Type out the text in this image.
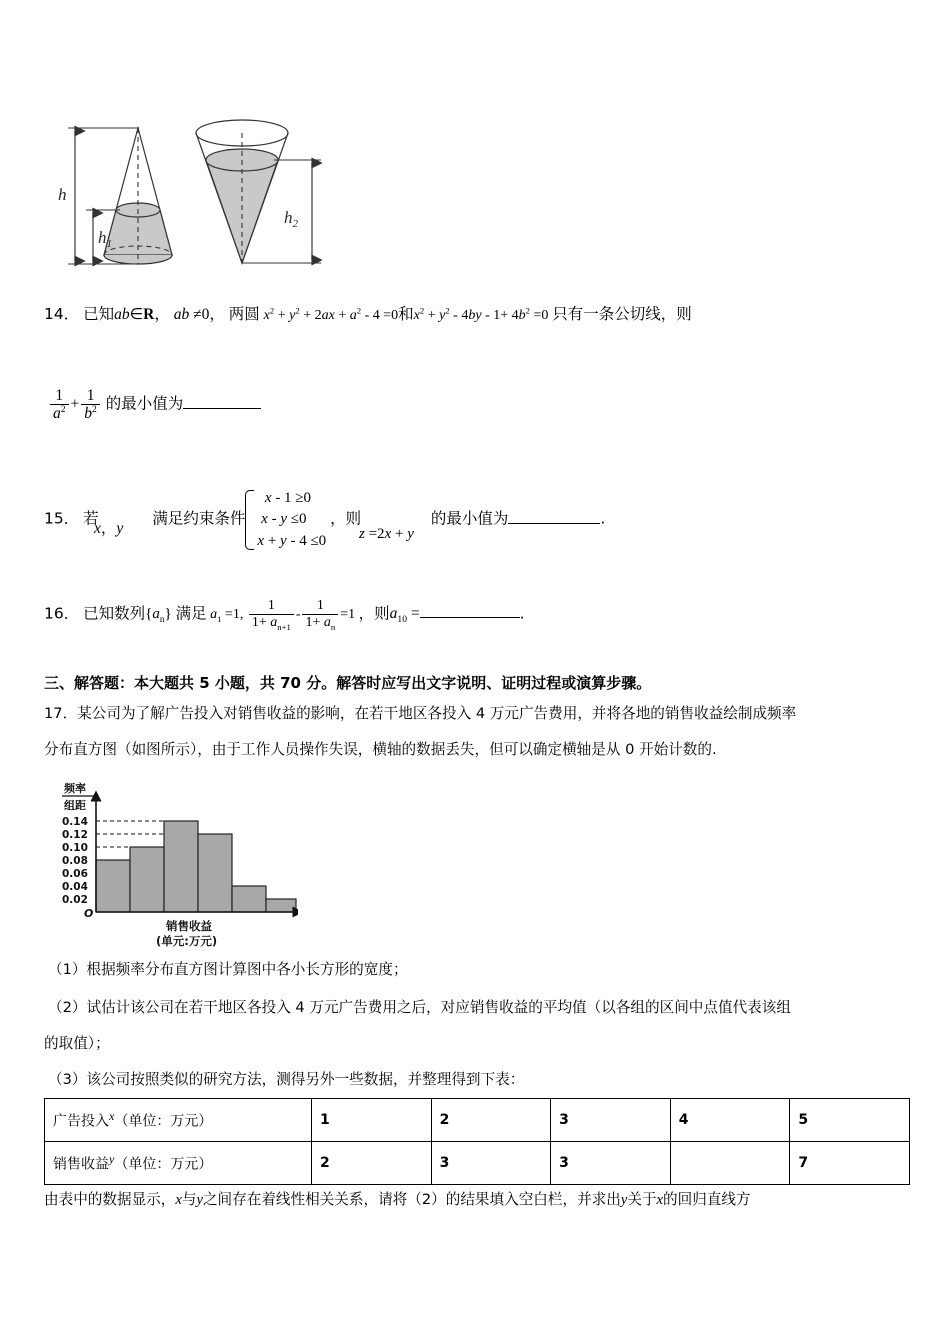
h
$h_1$
$h_2$
14． 已知ab∈R， ab ≠0， 两圆 $x^2 + y^2 + 2ax + a^2 - 4 =0$和$x^2 + y^2 - 4by - 1+ 4b^2 =0$ 只有一条公切线，则
$\frac{1}{a^2} + \frac{1}{b^2}$ 的最小值为
15． 若	满足约束条件
x - 1 ≥0
x - y ≤0
x + y - 4 ≤0
，则	的最小值为	.
x，y	z =2x + y
16． 已知数列$\{a_n\}$ 满足 $a_1 =1$, $\frac{1}{1+ a_{n+1}} - \frac{1}{1+ a_n} =1$ ，则$a_{10}$ =	.
三、解答题：本大题共 5 小题，共 70 分。解答时应写出文字说明、证明过程或演算步骤。
17．某公司为了解广告投入对销售收益的影响，在若干地区各投入 4 万元广告费用，并将各地的销售收益绘制成频率
分布直方图（如图所示），由于工作人员操作失误，横轴的数据丢失，但可以确定横轴是从 0 开始计数的.
频率
组距
0.14
0.12
0.10
0.08
0.06
0.04
0.02
O
销售收益
(单元:万元)
（1）根据频率分布直方图计算图中各小长方形的宽度；
（2）试估计该公司在若干地区各投入 4 万元广告费用之后，对应销售收益的平均值（以各组的区间中点值代表该组
的取值）；
（3）该公司按照类似的研究方法，测得另外一些数据，并整理得到下表：
广告投入x（单位：万元）	1	2	3	4	5
销售收益y（单位：万元）	2	3	3		7
由表中的数据显示，x与y之间存在着线性相关关系，请将（2）的结果填入空白栏，并求出y关于x的回归直线方
